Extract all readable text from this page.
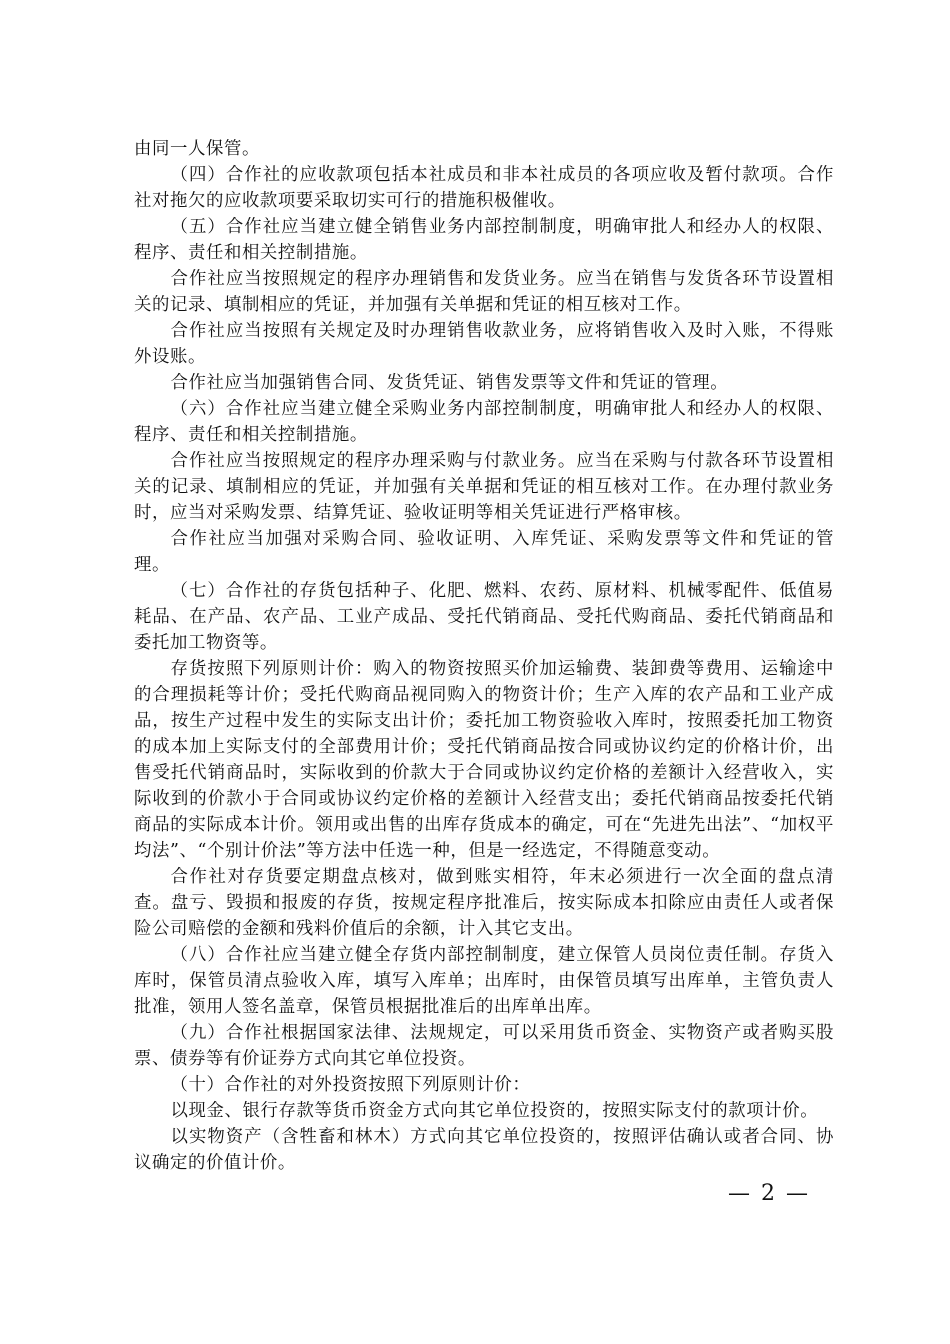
由同一人保管。

（四）合作社的应收款项包括本社成员和非本社成员的各项应收及暂付款项。合作社对拖欠的应收款项要采取切实可行的措施积极催收。

（五）合作社应当建立健全销售业务内部控制制度，明确审批人和经办人的权限、程序、责任和相关控制措施。

合作社应当按照规定的程序办理销售和发货业务。应当在销售与发货各环节设置相关的记录、填制相应的凭证，并加强有关单据和凭证的相互核对工作。

合作社应当按照有关规定及时办理销售收款业务，应将销售收入及时入账，不得账外设账。

合作社应当加强销售合同、发货凭证、销售发票等文件和凭证的管理。

（六）合作社应当建立健全采购业务内部控制制度，明确审批人和经办人的权限、程序、责任和相关控制措施。

合作社应当按照规定的程序办理采购与付款业务。应当在采购与付款各环节设置相关的记录、填制相应的凭证，并加强有关单据和凭证的相互核对工作。在办理付款业务时，应当对采购发票、结算凭证、验收证明等相关凭证进行严格审核。

合作社应当加强对采购合同、验收证明、入库凭证、采购发票等文件和凭证的管理。

（七）合作社的存货包括种子、化肥、燃料、农药、原材料、机械零配件、低值易耗品、在产品、农产品、工业产成品、受托代销商品、受托代购商品、委托代销商品和委托加工物资等。

存货按照下列原则计价：购入的物资按照买价加运输费、装卸费等费用、运输途中的合理损耗等计价；受托代购商品视同购入的物资计价；生产入库的农产品和工业产成品，按生产过程中发生的实际支出计价；委托加工物资验收入库时，按照委托加工物资的成本加上实际支付的全部费用计价；受托代销商品按合同或协议约定的价格计价，出售受托代销商品时，实际收到的价款大于合同或协议约定价格的差额计入经营收入，实际收到的价款小于合同或协议约定价格的差额计入经营支出；委托代销商品按委托代销商品的实际成本计价。领用或出售的出库存货成本的确定，可在“先进先出法”、“加权平均法”、“个别计价法”等方法中任选一种，但是一经选定，不得随意变动。

合作社对存货要定期盘点核对，做到账实相符，年末必须进行一次全面的盘点清查。盘亏、毁损和报废的存货，按规定程序批准后，按实际成本扣除应由责任人或者保险公司赔偿的金额和残料价值后的余额，计入其它支出。

（八）合作社应当建立健全存货内部控制制度，建立保管人员岗位责任制。存货入库时，保管员清点验收入库，填写入库单；出库时，由保管员填写出库单，主管负责人批准，领用人签名盖章，保管员根据批准后的出库单出库。

（九）合作社根据国家法律、法规规定，可以采用货币资金、实物资产或者购买股票、债券等有价证券方式向其它单位投资。

（十）合作社的对外投资按照下列原则计价：

以现金、银行存款等货币资金方式向其它单位投资的，按照实际支付的款项计价。

以实物资产（含牲畜和林木）方式向其它单位投资的，按照评估确认或者合同、协议确定的价值计价。

— 2 —
